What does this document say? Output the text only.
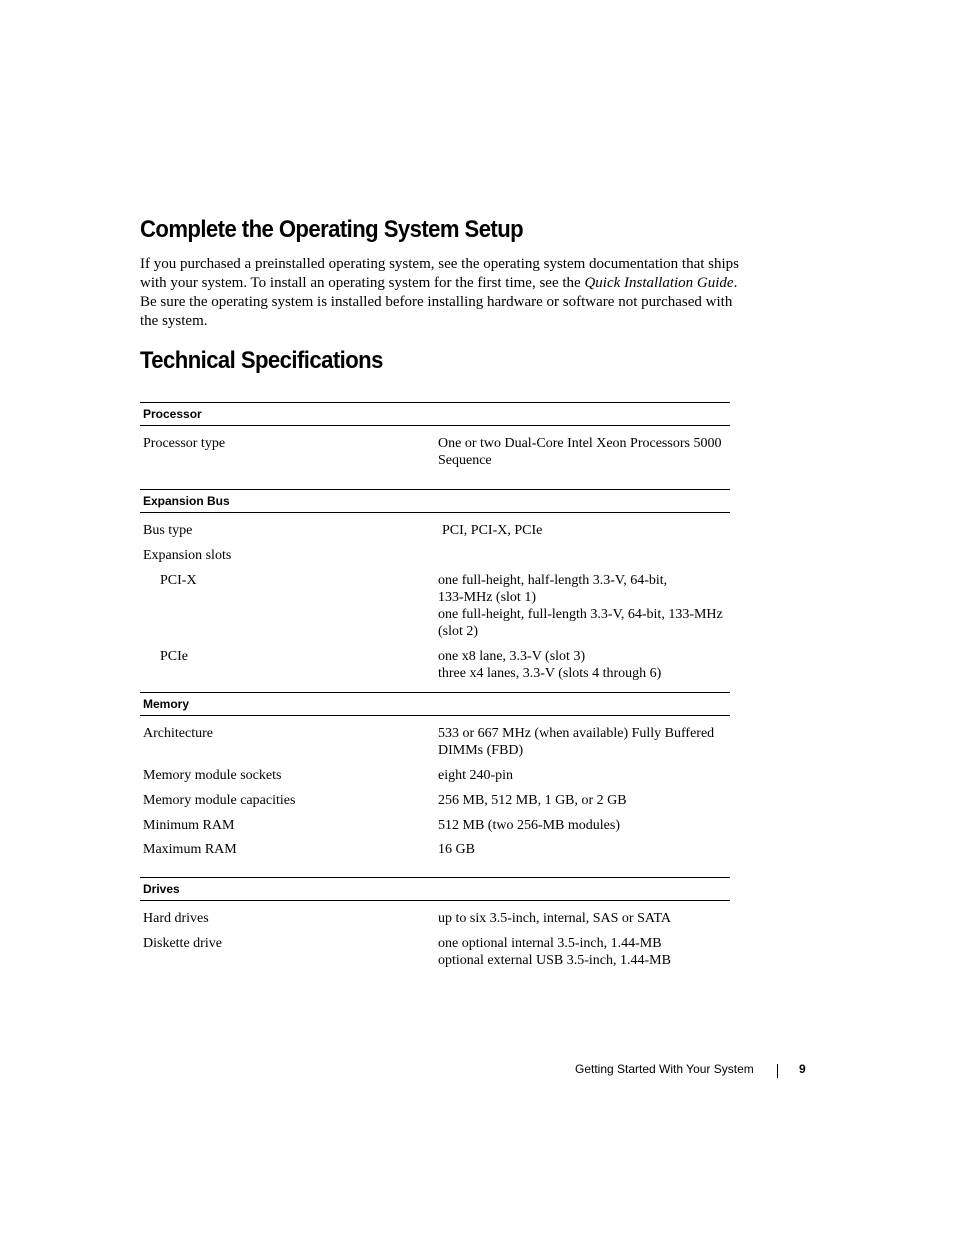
Complete the Operating System Setup

If you purchased a preinstalled operating system, see the operating system documentation that ships
with your system. To install an operating system for the first time, see the Quick Installation Guide.
Be sure the operating system is installed before installing hardware or software not purchased with
the system.

Technical Specifications
Processor
Processor type	One or two Dual-Core Intel Xeon Processors 5000
Sequence
Expansion Bus
Bus type	PCI, PCI-X, PCIe
Expansion slots
PCI-X	one full-height, half-length 3.3-V, 64-bit,
133-MHz (slot 1)
one full-height, full-length 3.3-V, 64-bit, 133-MHz
(slot 2)
PCIe	one x8 lane, 3.3-V (slot 3)
three x4 lanes, 3.3-V (slots 4 through 6)
Memory
Architecture	533 or 667 MHz (when available) Fully Buffered
DIMMs (FBD)
Memory module sockets	eight 240-pin
Memory module capacities	256 MB, 512 MB, 1 GB, or 2 GB
Minimum RAM	512 MB (two 256-MB modules)
Maximum RAM	16 GB
Drives
Hard drives	up to six 3.5-inch, internal, SAS or SATA
Diskette drive	one optional internal 3.5-inch, 1.44-MB
optional external USB 3.5-inch, 1.44-MB
Getting Started With Your System	9
